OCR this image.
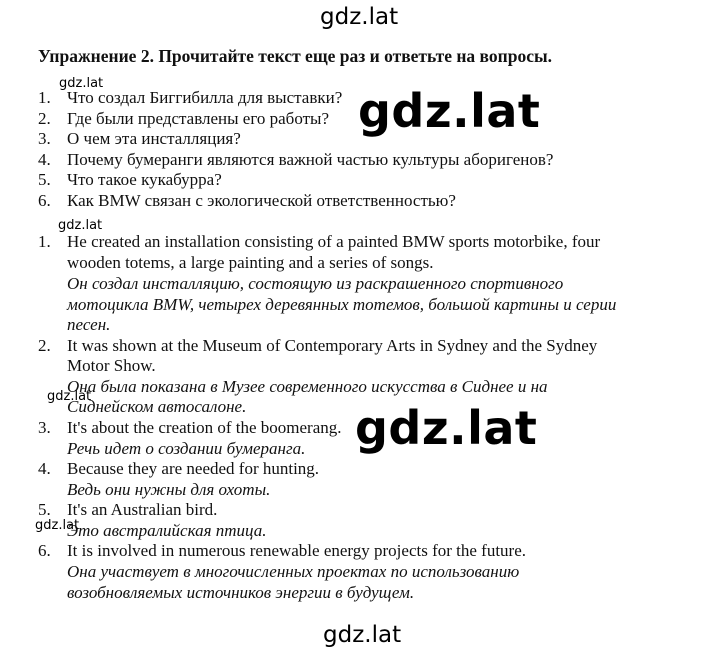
gdz.lat
gdz.lat
gdz.lat
gdz.lat
gdz.lat
gdz.lat
gdz.lat
gdz.lat
Упражнение 2. Прочитайте текст еще раз и ответьте на вопросы.
1. Что создал Биггибилла для выставки?
2. Где были представлены его работы?
3. О чем эта инсталляция?
4. Почему бумеранги являются важной частью культуры аборигенов?
5. Что такое кукабурра?
6. Как BMW связан с экологической ответственностью?
1. He created an installation consisting of a painted BMW sports motorbike, four
wooden totems, a large painting and a series of songs.
Он создал инсталляцию, состоящую из раскрашенного спортивного
мотоцикла BMW, четырех деревянных тотемов, большой картины и серии
песен.
2. It was shown at the Museum of Contemporary Arts in Sydney and the Sydney
Motor Show.
Она была показана в Музее современного искусства в Сиднее и на
Сиднейском автосалоне.
3. It's about the creation of the boomerang.
Речь идет о создании бумеранга.
4. Because they are needed for hunting.
Ведь они нужны для охоты.
5. It's an Australian bird.
Это австралийская птица.
6. It is involved in numerous renewable energy projects for the future.
Она участвует в многочисленных проектах по использованию
возобновляемых источников энергии в будущем.
